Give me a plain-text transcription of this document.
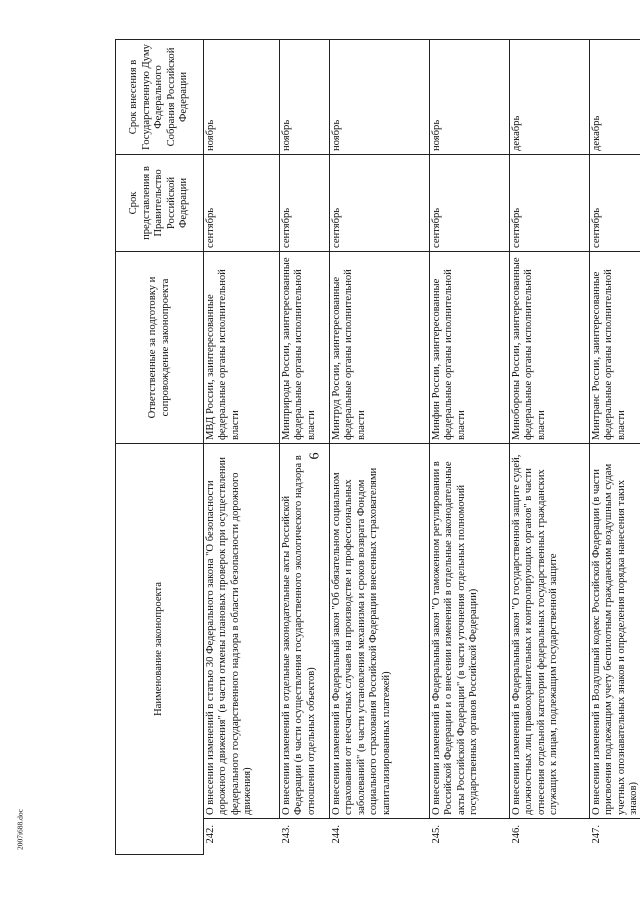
6
2007i688.doc
Наименование законопроекта		Ответственные за подготовку и сопровождение законопроекта	Срок представления в Правительство Российской Федерации	Срок внесения в Государственную Думу Федерального Собрания Российской Федерации
242.	О внесении изменений в статью 30 Федерального закона "О безопасности дорожного движения" (в части отмены плановых проверок при осуществлении федерального государственного надзора в области безопасности дорожного движения)	МВД России, заинтересованные федеральные органы исполнительной власти	сентябрь	ноябрь
243.	О внесении изменений в отдельные законодательные акты Российской Федерации (в части осуществления государственного экологического надзора в отношении отдельных объектов)	Минприроды России, заинтересованные федеральные органы исполнительной власти	сентябрь	ноябрь
244.	О внесении изменений в Федеральный закон "Об обязательном социальном страховании от несчастных случаев на производстве и профессиональных заболеваний" (в части установления механизма и сроков возврата Фондом социального страхования Российской Федерации внесенных страхователями капитализированных платежей)	Минтруд России, заинтересованные федеральные органы исполнительной власти	сентябрь	ноябрь
245.	О внесении изменений в Федеральный закон "О таможенном регулировании в Российской Федерации и о внесении изменений в отдельные законодательные акты Российской Федерации" (в части уточнения отдельных полномочий государственных органов Российской Федерации)	Минфин России, заинтересованные федеральные органы исполнительной власти	сентябрь	ноябрь
246.	О внесении изменений в Федеральный закон "О государственной защите судей, должностных лиц правоохранительных и контролирующих органов" в части отнесения отдельной категории федеральных государственных гражданских служащих к лицам, подлежащим государственной защите	Минобороны России, заинтересованные федеральные органы исполнительной власти	сентябрь	декабрь
247.	О внесении изменений в Воздушный кодекс Российской Федерации (в части присвоения подлежащим учету беспилотным гражданским воздушным судам учетных опознавательных знаков и определения порядка нанесения таких знаков)	Минтранс России, заинтересованные федеральные органы исполнительной власти	сентябрь	декабрь
